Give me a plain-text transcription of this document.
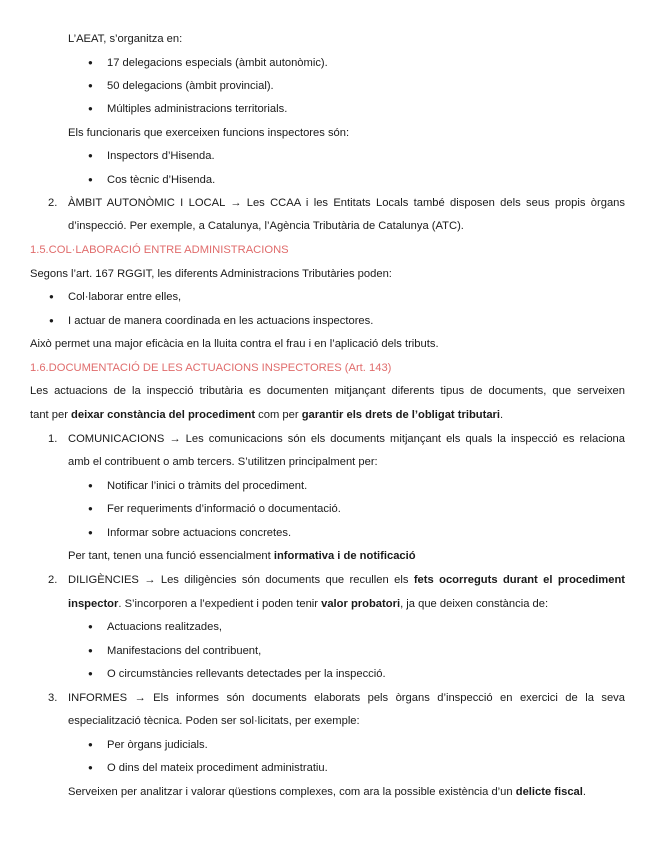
L’AEAT, s’organitza en:
● 17 delegacions especials (àmbit autonòmic).
● 50 delegacions (àmbit provincial).
● Múltiples administracions territorials.
Els funcionaris que exerceixen funcions inspectores són:
● Inspectors d’Hisenda.
● Cos tècnic d’Hisenda.
2. ÀMBIT AUTONÒMIC I LOCAL → Les CCAA i les Entitats Locals també disposen dels seus propis òrgans
d’inspecció. Per exemple, a Catalunya, l’Agència Tributària de Catalunya (ATC).
1.5.COL·LABORACIÓ ENTRE ADMINISTRACIONS
Segons l’art. 167 RGGIT, les diferents Administracions Tributàries poden:
● Col·laborar entre elles,
● I actuar de manera coordinada en les actuacions inspectores.
Això permet una major eficàcia en la lluita contra el frau i en l’aplicació dels tributs.
1.6.DOCUMENTACIÓ DE LES ACTUACIONS INSPECTORES (Art. 143)
Les actuacions de la inspecció tributària es documenten mitjançant diferents tipus de documents, que serveixen
tant per deixar constància del procediment com per garantir els drets de l’obligat tributari.
1. COMUNICACIONS → Les comunicacions són els documents mitjançant els quals la inspecció es relaciona
amb el contribuent o amb tercers. S’utilitzen principalment per:
● Notificar l’inici o tràmits del procediment.
● Fer requeriments d’informació o documentació.
● Informar sobre actuacions concretes.
Per tant, tenen una funció essencialment informativa i de notificació
2. DILIGÈNCIES → Les diligències són documents que recullen els fets ocorreguts durant el procediment
inspector. S’incorporen a l’expedient i poden tenir valor probatori, ja que deixen constància de:
● Actuacions realitzades,
● Manifestacions del contribuent,
● O circumstàncies rellevants detectades per la inspecció.
3. INFORMES → Els informes són documents elaborats pels òrgans d’inspecció en exercici de la seva
especialització tècnica. Poden ser sol·licitats, per exemple:
● Per òrgans judicials.
● O dins del mateix procediment administratiu.
Serveixen per analitzar i valorar qüestions complexes, com ara la possible existència d’un delicte fiscal.
